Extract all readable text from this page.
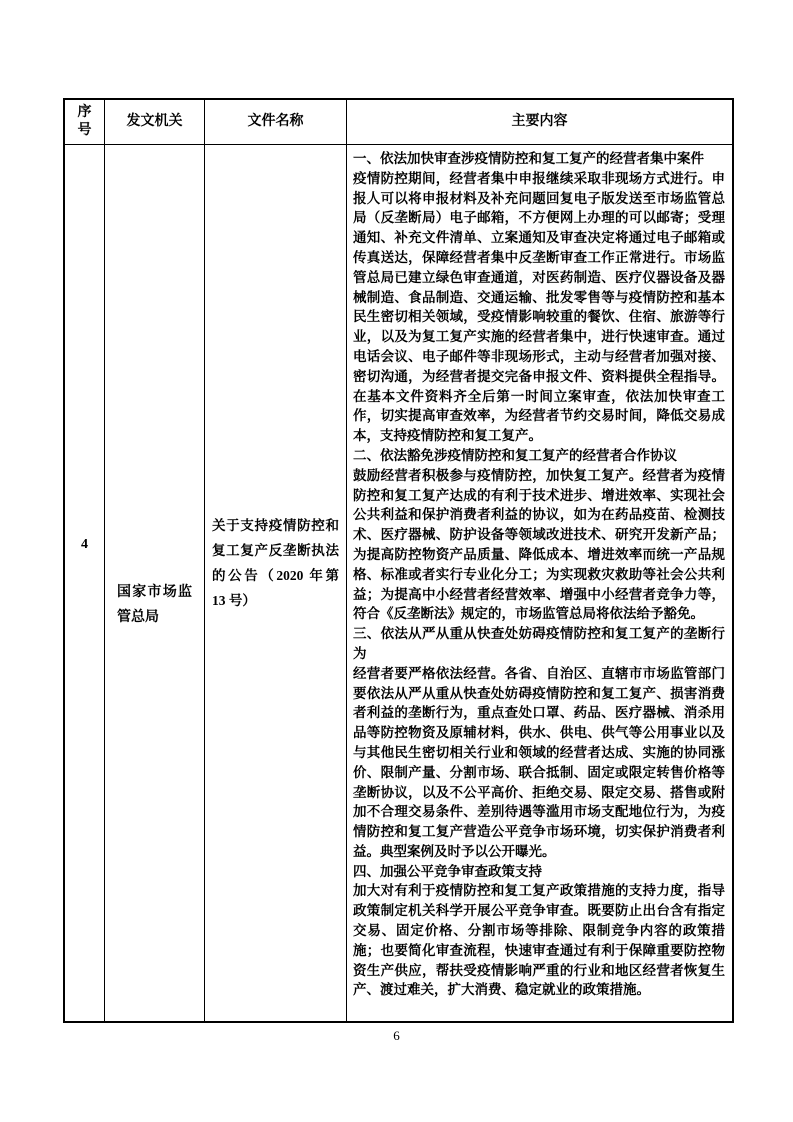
序号
发文机关	文件名称	主要内容
4
国家市场监管总局
关于支持疫情防控和复工复产反垄断执法的公告（2020 年第 13 号）

一、依法加快审查涉疫情防控和复工复产的经营者集中案件

疫情防控期间，经营者集中申报继续采取非现场方式进行。申报人可以将申报材料及补充问题回复电子版发送至市场监管总局（反垄断局）电子邮箱，不方便网上办理的可以邮寄；受理通知、补充文件清单、立案通知及审查决定将通过电子邮箱或传真送达，保障经营者集中反垄断审查工作正常进行。市场监管总局已建立绿色审查通道，对医药制造、医疗仪器设备及器械制造、食品制造、交通运输、批发零售等与疫情防控和基本民生密切相关领域，受疫情影响较重的餐饮、住宿、旅游等行业，以及为复工复产实施的经营者集中，进行快速审查。通过电话会议、电子邮件等非现场形式，主动与经营者加强对接、密切沟通，为经营者提交完备申报文件、资料提供全程指导。在基本文件资料齐全后第一时间立案审查，依法加快审查工作，切实提高审查效率，为经营者节约交易时间，降低交易成本，支持疫情防控和复工复产。

二、依法豁免涉疫情防控和复工复产的经营者合作协议

鼓励经营者积极参与疫情防控，加快复工复产。经营者为疫情防控和复工复产达成的有利于技术进步、增进效率、实现社会公共利益和保护消费者利益的协议，如为在药品疫苗、检测技术、医疗器械、防护设备等领域改进技术、研究开发新产品；为提高防控物资产品质量、降低成本、增进效率而统一产品规格、标准或者实行专业化分工；为实现救灾救助等社会公共利益；为提高中小经营者经营效率、增强中小经营者竞争力等，符合《反垄断法》规定的，市场监管总局将依法给予豁免。

三、依法从严从重从快查处妨碍疫情防控和复工复产的垄断行为

经营者要严格依法经营。各省、自治区、直辖市市场监管部门要依法从严从重从快查处妨碍疫情防控和复工复产、损害消费者利益的垄断行为，重点查处口罩、药品、医疗器械、消杀用品等防控物资及原辅材料，供水、供电、供气等公用事业以及与其他民生密切相关行业和领域的经营者达成、实施的协同涨价、限制产量、分割市场、联合抵制、固定或限定转售价格等垄断协议，以及不公平高价、拒绝交易、限定交易、搭售或附加不合理交易条件、差别待遇等滥用市场支配地位行为，为疫情防控和复工复产营造公平竞争市场环境，切实保护消费者利益。典型案例及时予以公开曝光。

四、加强公平竞争审查政策支持

加大对有利于疫情防控和复工复产政策措施的支持力度，指导政策制定机关科学开展公平竞争审查。既要防止出台含有指定交易、固定价格、分割市场等排除、限制竞争内容的政策措施；也要简化审查流程，快速审查通过有利于保障重要防控物资生产供应，帮扶受疫情影响严重的行业和地区经营者恢复生产、渡过难关，扩大消费、稳定就业的政策措施。

6
